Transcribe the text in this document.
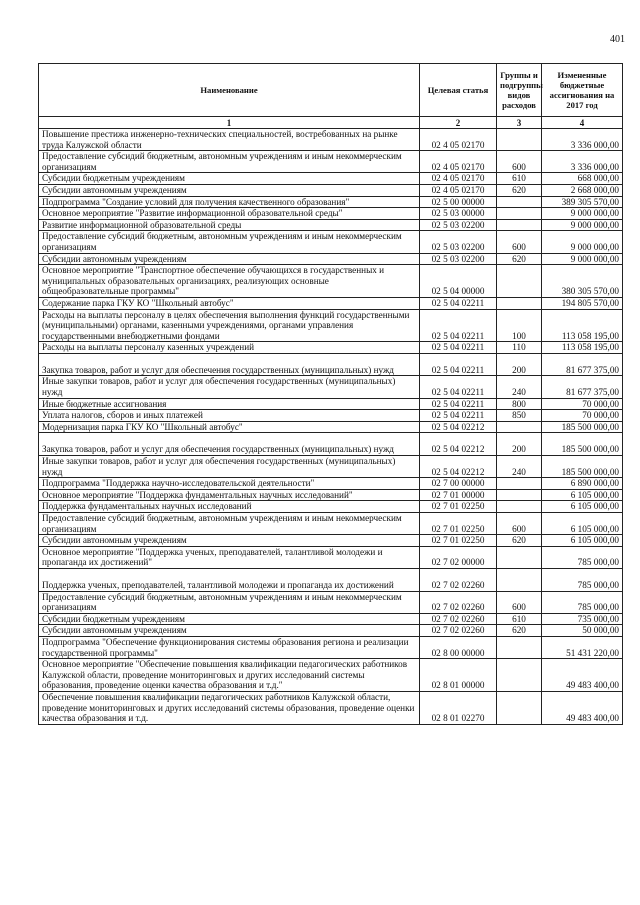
401
Наименование	Целевая статья	Группы и подгруппы видов расходов	Измененные бюджетные ассигнования на 2017 год
1	2	3	4
Повышение престижа инженерно-технических специальностей, востребованных на рынке труда Калужской области	02 4 05 02170		3 336 000,00
Предоставление субсидий бюджетным, автономным учреждениям и иным некоммерческим организациям	02 4 05 02170	600	3 336 000,00
Субсидии бюджетным учреждениям	02 4 05 02170	610	668 000,00
Субсидии автономным учреждениям	02 4 05 02170	620	2 668 000,00
Подпрограмма "Создание условий для получения качественного образования"	02 5 00 00000		389 305 570,00
Основное мероприятие "Развитие информационной образовательной среды"	02 5 03 00000		9 000 000,00
Развитие информационной образовательной среды	02 5 03 02200		9 000 000,00
Предоставление субсидий бюджетным, автономным учреждениям и иным некоммерческим организациям	02 5 03 02200	600	9 000 000,00
Субсидии автономным учреждениям	02 5 03 02200	620	9 000 000,00
Основное мероприятие "Транспортное обеспечение обучающихся в государственных и муниципальных образовательных организациях, реализующих основные общеобразовательные программы"	02 5 04 00000		380 305 570,00
Содержание парка ГКУ КО "Школьный автобус"	02 5 04 02211		194 805 570,00
Расходы на выплаты персоналу в целях обеспечения выполнения функций государственными (муниципальными) органами, казенными учреждениями, органами управления государственными внебюджетными фондами	02 5 04 02211	100	113 058 195,00
Расходы на выплаты персоналу казенных учреждений	02 5 04 02211	110	113 058 195,00
Закупка товаров, работ и услуг для обеспечения государственных (муниципальных) нужд	02 5 04 02211	200	81 677 375,00
Иные закупки товаров, работ и услуг для обеспечения государственных (муниципальных) нужд	02 5 04 02211	240	81 677 375,00
Иные бюджетные ассигнования	02 5 04 02211	800	70 000,00
Уплата налогов, сборов и иных платежей	02 5 04 02211	850	70 000,00
Модернизация парка ГКУ КО "Школьный автобус"	02 5 04 02212		185 500 000,00
Закупка товаров, работ и услуг для обеспечения государственных (муниципальных) нужд	02 5 04 02212	200	185 500 000,00
Иные закупки товаров, работ и услуг для обеспечения государственных (муниципальных) нужд	02 5 04 02212	240	185 500 000,00
Подпрограмма "Поддержка научно-исследовательской деятельности"	02 7 00 00000		6 890 000,00
Основное мероприятие "Поддержка фундаментальных научных исследований"	02 7 01 00000		6 105 000,00
Поддержка фундаментальных научных исследований	02 7 01 02250		6 105 000,00
Предоставление субсидий бюджетным, автономным учреждениям и иным некоммерческим организациям	02 7 01 02250	600	6 105 000,00
Субсидии автономным учреждениям	02 7 01 02250	620	6 105 000,00
Основное мероприятие "Поддержка ученых, преподавателей, талантливой молодежи и пропаганда их достижений"	02 7 02 00000		785 000,00
Поддержка ученых, преподавателей, талантливой молодежи и пропаганда их достижений	02 7 02 02260		785 000,00
Предоставление субсидий бюджетным, автономным учреждениям и иным некоммерческим организациям	02 7 02 02260	600	785 000,00
Субсидии бюджетным учреждениям	02 7 02 02260	610	735 000,00
Субсидии автономным учреждениям	02 7 02 02260	620	50 000,00
Подпрограмма "Обеспечение функционирования системы образования региона и реализации государственной программы"	02 8 00 00000		51 431 220,00
Основное мероприятие "Обеспечение повышения квалификации педагогических работников Калужской области, проведение мониторинговых и других исследований системы образования, проведение оценки качества образования и т.д."	02 8 01 00000		49 483 400,00
Обеспечение повышения квалификации педагогических работников Калужской области, проведение мониторинговых и других исследований системы образования, проведение оценки качества образования и т.д.	02 8 01 02270		49 483 400,00
